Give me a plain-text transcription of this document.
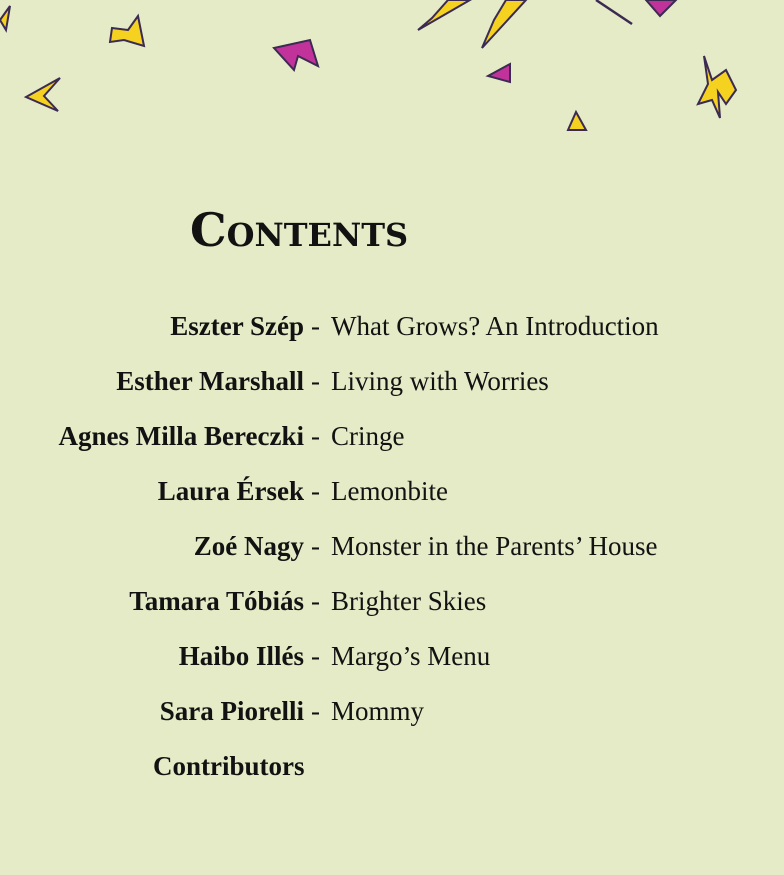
Contents
Eszter Szép - What Grows? An Introduction
Esther Marshall - Living with Worries
Agnes Milla Bereczki - Cringe
Laura Érsek - Lemonbite
Zoé Nagy - Monster in the Parents’ House
Tamara Tóbiás - Brighter Skies
Haibo Illés - Margo’s Menu
Sara Piorelli - Mommy
Contributors
